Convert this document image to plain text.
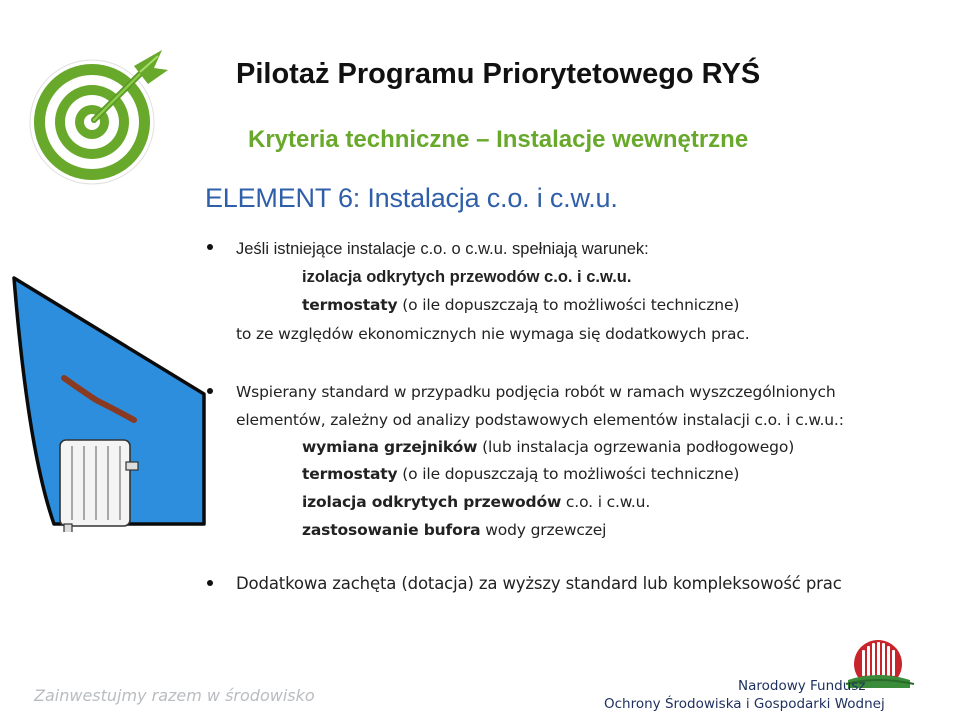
Pilotaż Programu Priorytetowego RYŚ
Kryteria techniczne – Instalacje wewnętrzne
ELEMENT 6: Instalacja c.o. i c.w.u.
Jeśli istniejące instalacje c.o. o c.w.u. spełniają warunek:
izolacja odkrytych przewodów c.o. i c.w.u.
termostaty (o ile dopuszczają to możliwości techniczne)
to ze względów ekonomicznych nie wymaga się dodatkowych prac.
Wspierany standard w przypadku podjęcia robót w ramach wyszczególnionych
elementów, zależny od analizy podstawowych elementów instalacji c.o. i c.w.u.:
wymiana grzejników (lub instalacja ogrzewania podłogowego)
termostaty (o ile dopuszczają to możliwości techniczne)
izolacja odkrytych przewodów c.o. i c.w.u.
zastosowanie bufora wody grzewczej
Dodatkowa zachęta (dotacja) za wyższy standard lub kompleksowość prac
Zainwestujmy razem w środowisko	Narodowy Fundusz
Ochrony Środowiska i Gospodarki Wodnej
